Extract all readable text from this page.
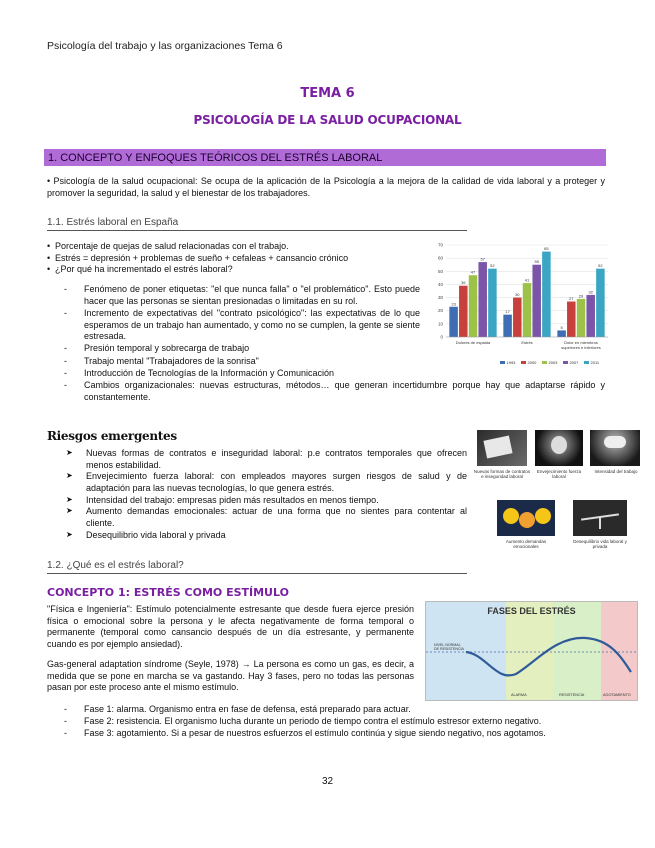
Psicología del trabajo y las organizaciones Tema 6
TEMA 6
PSICOLOGÍA DE LA SALUD OCUPACIONAL
1. CONCEPTO Y ENFOQUES TEÓRICOS DEL ESTRÉS LABORAL
• Psicología de la salud ocupacional: Se ocupa de la aplicación de la Psicología a la mejora de la calidad de vida laboral y a proteger y promover la seguridad, la salud y el bienestar de los trabajadores.
1.1. Estrés laboral en España
• Porcentaje de quejas de salud relacionadas con el trabajo.
• Estrés = depresión + problemas de sueño + cefaleas + cansancio crónico
• ¿Por qué ha incrementado el estrés laboral?
- Fenómeno de poner etiquetas: "el que nunca falla" o "el problemático". Esto puede hacer que las personas se sientan presionadas o limitadas en su rol.
- Incremento de expectativas del "contrato psicológico": las expectativas de lo que esperamos de un trabajo han aumentado, y como no se cumplen, la gente se siente estresada.
- Presión temporal y sobrecarga de trabajo
- Trabajo mental "Trabajadores de la sonrisa"
- Introducción de Tecnologías de la Información y Comunicación
- Cambios organizacionales: nuevas estructuras, métodos… que generan incertidumbre porque hay que adaptarse rápido y constantemente.
0
10
20
30
40
50
60
70
23
39
47
57
52
Dolores de espalda
17
30
41
55
65
Estrés
5
27
29
32
52
Dolor en miembros
superiores e inferiores
1993	2000	2003	2007	2011
Riesgos emergentes
➤ Nuevas formas de contratos e inseguridad laboral: p.e contratos temporales que ofrecen menos estabilidad.
➤ Envejecimiento fuerza laboral: con empleados mayores surgen riesgos de salud y de adaptación para las nuevas tecnologías, lo que genera estrés.
➤ Intensidad del trabajo: empresas piden más resultados en menos tiempo.
➤ Aumento demandas emocionales: actuar de una forma que no sientes para contentar al cliente.
➤ Desequilibrio vida laboral y privada
Nuevas formas de contratos e inseguridad laboral
Envejecimiento fuerza laboral
Intensidad del trabajo
Aumento demandas emocionales
Desequilibrio vida laboral y privada
1.2. ¿Qué es el estrés laboral?
CONCEPTO 1: ESTRÉS COMO ESTÍMULO
"Física e Ingeniería": Estímulo potencialmente estresante que desde fuera ejerce presión física o emocional sobre la persona y le afecta negativamente de forma temporal o permanente (temporal como cansancio después de un día estresante, y permanente cuando es por ejemplo ansiedad).
Gas-general adaptation síndrome (Seyle, 1978) → La persona es como un gas, es decir, a medida que se pone en marcha se va gastando. Hay 3 fases, pero no todas las personas pasan por este proceso ante el mismo estímulo.
FASES DEL ESTRÉS
NIVEL NORMAL DE RESISTENCIA
ALARMA	RESISTENCIA	AGOTAMIENTO
- Fase 1: alarma. Organismo entra en fase de defensa, está preparado para actuar.
- Fase 2: resistencia. El organismo lucha durante un periodo de tiempo contra el estímulo estresor externo negativo.
- Fase 3: agotamiento. Si a pesar de nuestros esfuerzos el estímulo continúa y sigue siendo negativo, nos agotamos.
32
